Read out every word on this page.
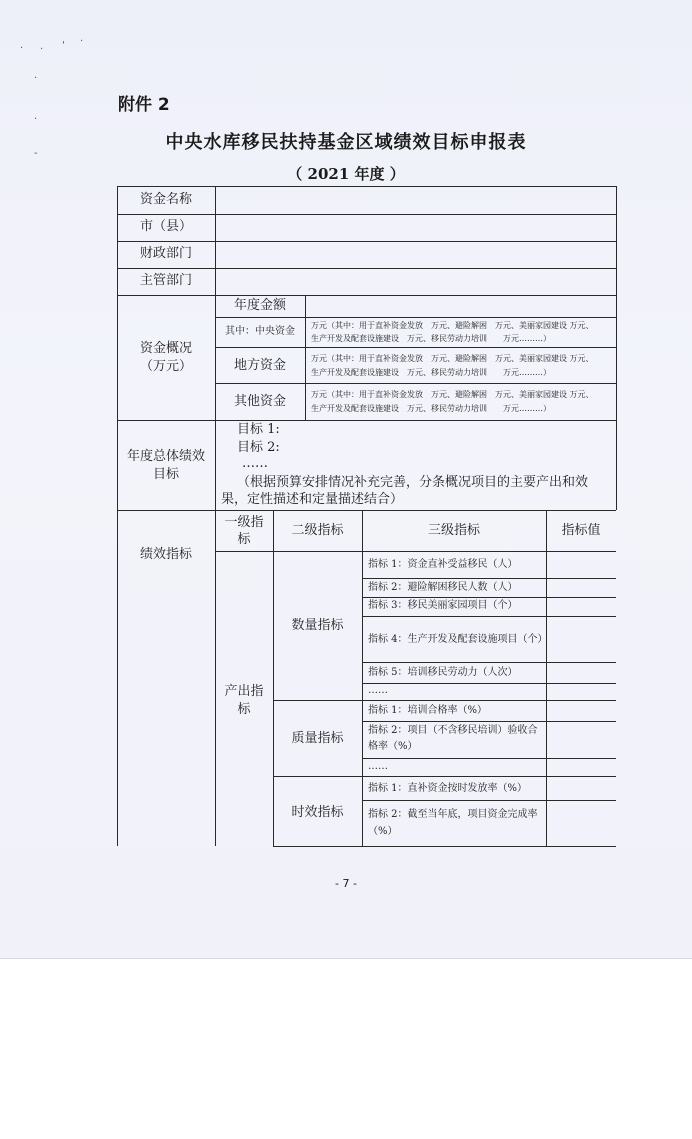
. · ' ·
.
·
-
附件 2
中央水库移民扶持基金区域绩效目标申报表
（ 2021 年度 ）
资金名称
市（县）
财政部门
主管部门
资金概况
（万元）
年度金额
其中：中央资金
地方资金
其他资金
万元（其中：用于直补资金发放　万元、避险解困　万元、美丽家园建设 万元、
生产开发及配套设施建设　万元、移民劳动力培训　　万元………）
万元（其中：用于直补资金发放　万元、避险解困　万元、美丽家园建设 万元、
生产开发及配套设施建设　万元、移民劳动力培训　　万元………）
万元（其中：用于直补资金发放　万元、避险解困　万元、美丽家园建设 万元、
生产开发及配套设施建设　万元、移民劳动力培训　　万元………）
年度总体绩效
目标
目标 1:
目标 2:
……
（根据预算安排情况补充完善，分条概况项目的主要产出和效
果，定性描述和定量描述结合）
绩效指标
一级指
标
二级指标	三级指标	指标值
产出指
标
数量指标
质量指标
时效指标
指标 1：资金直补受益移民（人）
指标 2：避险解困移民人数（人）
指标 3：移民美丽家园项目（个）
指标 4：生产开发及配套设施项目（个）
指标 5：培训移民劳动力（人次）
……
指标 1：培训合格率（%）
指标 2：项目（不含移民培训）验收合
格率（%）
……
指标 1：直补资金按时发放率（%）
指标 2：截至当年底，项目资金完成率
（%）
- 7 -
